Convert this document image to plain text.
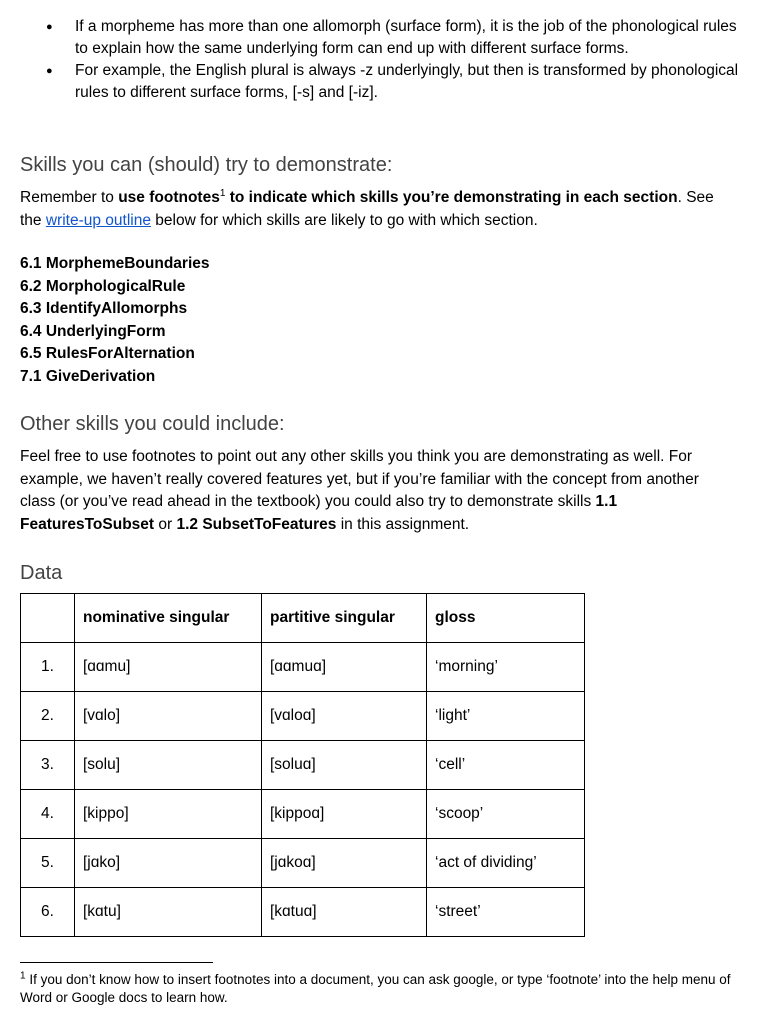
● If a morpheme has more than one allomorph (surface form), it is the job of the phonological rules to explain how the same underlying form can end up with different surface forms.
● For example, the English plural is always -z underlyingly, but then is transformed by phonological rules to different surface forms, [-s] and [-iz].
Skills you can (should) try to demonstrate:

Remember to use footnotes$^1$ to indicate which skills you’re demonstrating in each section. See the write-up outline below for which skills are likely to go with which section.

6.1 MorphemeBoundaries
6.2 MorphologicalRule
6.3 IdentifyAllomorphs
6.4 UnderlyingForm
6.5 RulesForAlternation
7.1 GiveDerivation
Other skills you could include:

Feel free to use footnotes to point out any other skills you think you are demonstrating as well. For example, we haven’t really covered features yet, but if you’re familiar with the concept from another class (or you’ve read ahead in the textbook) you could also try to demonstrate skills 1.1 FeaturesToSubset or 1.2 SubsetToFeatures in this assignment.

Data
	nominative singular	partitive singular	gloss
1.	[ɑɑmu]	[ɑɑmuɑ]	‘morning’
2.	[vɑlo]	[vɑloɑ]	‘light’
3.	[solu]	[soluɑ]	‘cell’
4.	[kippo]	[kippoɑ]	‘scoop’
5.	[jɑko]	[jɑkoɑ]	‘act of dividing’
6.	[kɑtu]	[kɑtuɑ]	‘street’

$^1$ If you don’t know how to insert footnotes into a document, you can ask google, or type ‘footnote’ into the help menu of Word or Google docs to learn how.
